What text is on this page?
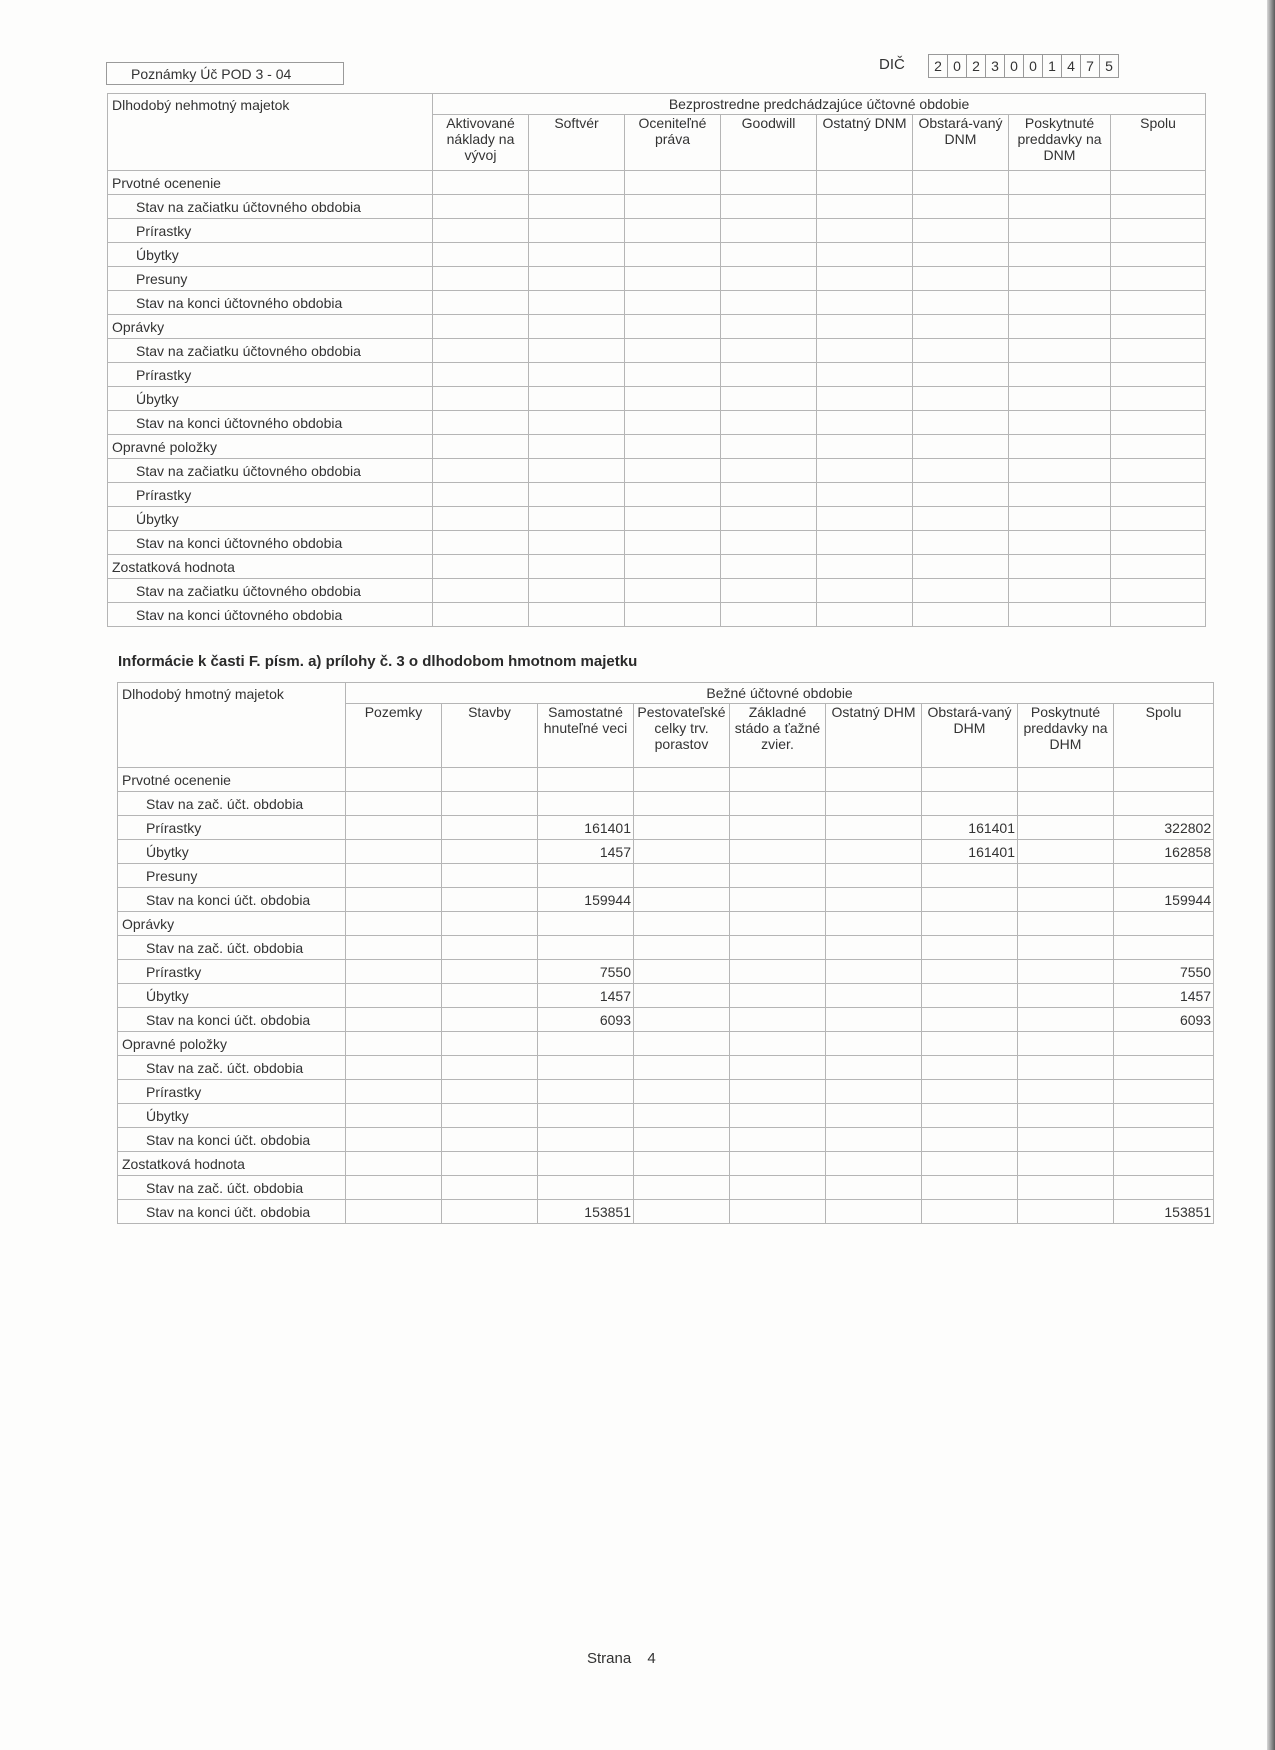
Poznámky Úč POD 3 - 04
DIČ	2 0 2 3 0 0 1 4 7 5
Dlhodobý nehmotný majetok	Bezprostredne predchádzajúce účtovné obdobie							
	Aktivované náklady na vývoj	Softvér	Oceniteľné práva	Goodwill	Ostatný DNM	Obstará-vaný DNM	Poskytnuté preddavky na DNM	Spolu
Prvotné ocenenie								
Stav na začiatku účtovného obdobia								
Prírastky								
Úbytky								
Presuny								
Stav na konci účtovného obdobia								
Oprávky								
Stav na začiatku účtovného obdobia								
Prírastky								
Úbytky								
Stav na konci účtovného obdobia								
Opravné položky								
Stav na začiatku účtovného obdobia								
Prírastky								
Úbytky								
Stav na konci účtovného obdobia								
Zostatková hodnota								
Stav na začiatku účtovného obdobia								
Stav na konci účtovného obdobia								
Informácie k časti F. písm. a) prílohy č. 3 o dlhodobom hmotnom majetku
Dlhodobý hmotný majetok	Bežné účtovné obdobie								
	Pozemky	Stavby	Samostatné hnuteľné veci	Pestovateľské celky trv. porastov	Základné stádo a ťažné zvier.	Ostatný DHM	Obstará-vaný DHM	Poskytnuté preddavky na DHM	Spolu
Prvotné ocenenie									
Stav na zač. účt. obdobia									
Prírastky			161401				161401		322802
Úbytky			1457				161401		162858
Presuny									
Stav na konci účt. obdobia			159944						159944
Oprávky									
Stav na zač. účt. obdobia									
Prírastky			7550						7550
Úbytky			1457						1457
Stav na konci účt. obdobia			6093						6093
Opravné položky									
Stav na zač. účt. obdobia									
Prírastky									
Úbytky									
Stav na konci účt. obdobia									
Zostatková hodnota									
Stav na zač. účt. obdobia									
Stav na konci účt. obdobia			153851						153851
Strana 4
